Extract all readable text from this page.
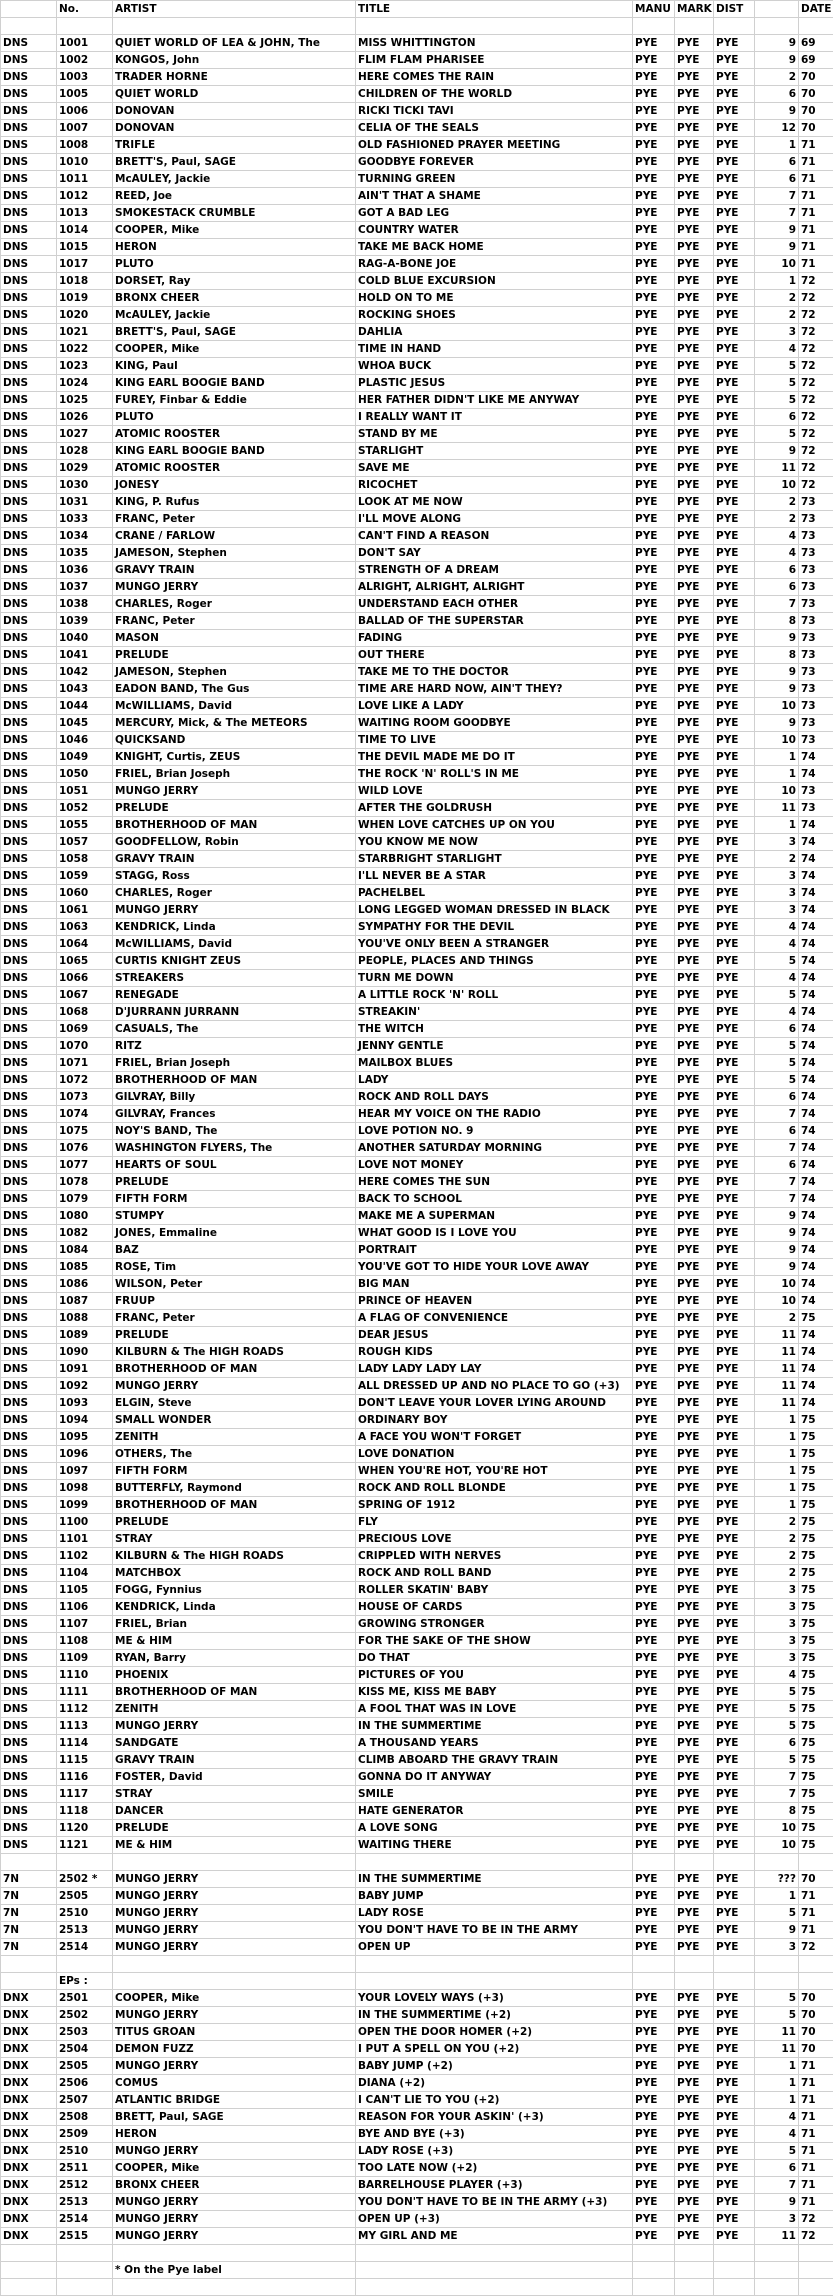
	No.	ARTIST	TITLE	MANU	MARK	DIST		DATE

DNS	1001	QUIET WORLD OF LEA & JOHN, The	MISS WHITTINGTON	PYE	PYE	PYE	9	69
DNS	1002	KONGOS, John	FLIM FLAM PHARISEE	PYE	PYE	PYE	9	69
DNS	1003	TRADER HORNE	HERE COMES THE RAIN	PYE	PYE	PYE	2	70
DNS	1005	QUIET WORLD	CHILDREN OF THE WORLD	PYE	PYE	PYE	6	70
DNS	1006	DONOVAN	RICKI TICKI TAVI	PYE	PYE	PYE	9	70
DNS	1007	DONOVAN	CELIA OF THE SEALS	PYE	PYE	PYE	12	70
DNS	1008	TRIFLE	OLD FASHIONED PRAYER MEETING	PYE	PYE	PYE	1	71
DNS	1010	BRETT'S, Paul, SAGE	GOODBYE FOREVER	PYE	PYE	PYE	6	71
DNS	1011	McAULEY, Jackie	TURNING GREEN	PYE	PYE	PYE	6	71
DNS	1012	REED, Joe	AIN'T THAT A SHAME	PYE	PYE	PYE	7	71
DNS	1013	SMOKESTACK CRUMBLE	GOT A BAD LEG	PYE	PYE	PYE	7	71
DNS	1014	COOPER, Mike	COUNTRY WATER	PYE	PYE	PYE	9	71
DNS	1015	HERON	TAKE ME BACK HOME	PYE	PYE	PYE	9	71
DNS	1017	PLUTO	RAG-A-BONE JOE	PYE	PYE	PYE	10	71
DNS	1018	DORSET, Ray	COLD BLUE EXCURSION	PYE	PYE	PYE	1	72
DNS	1019	BRONX CHEER	HOLD ON TO ME	PYE	PYE	PYE	2	72
DNS	1020	McAULEY, Jackie	ROCKING SHOES	PYE	PYE	PYE	2	72
DNS	1021	BRETT'S, Paul, SAGE	DAHLIA	PYE	PYE	PYE	3	72
DNS	1022	COOPER, Mike	TIME IN HAND	PYE	PYE	PYE	4	72
DNS	1023	KING, Paul	WHOA BUCK	PYE	PYE	PYE	5	72
DNS	1024	KING EARL BOOGIE BAND	PLASTIC JESUS	PYE	PYE	PYE	5	72
DNS	1025	FUREY, Finbar & Eddie	HER FATHER DIDN'T LIKE ME ANYWAY	PYE	PYE	PYE	5	72
DNS	1026	PLUTO	I REALLY WANT IT	PYE	PYE	PYE	6	72
DNS	1027	ATOMIC ROOSTER	STAND BY ME	PYE	PYE	PYE	5	72
DNS	1028	KING EARL BOOGIE BAND	STARLIGHT	PYE	PYE	PYE	9	72
DNS	1029	ATOMIC ROOSTER	SAVE ME	PYE	PYE	PYE	11	72
DNS	1030	JONESY	RICOCHET	PYE	PYE	PYE	10	72
DNS	1031	KING, P. Rufus	LOOK AT ME NOW	PYE	PYE	PYE	2	73
DNS	1033	FRANC, Peter	I'LL MOVE ALONG	PYE	PYE	PYE	2	73
DNS	1034	CRANE / FARLOW	CAN'T FIND A REASON	PYE	PYE	PYE	4	73
DNS	1035	JAMESON, Stephen	DON'T SAY	PYE	PYE	PYE	4	73
DNS	1036	GRAVY TRAIN	STRENGTH OF A DREAM	PYE	PYE	PYE	6	73
DNS	1037	MUNGO JERRY	ALRIGHT, ALRIGHT, ALRIGHT	PYE	PYE	PYE	6	73
DNS	1038	CHARLES, Roger	UNDERSTAND EACH OTHER	PYE	PYE	PYE	7	73
DNS	1039	FRANC, Peter	BALLAD OF THE SUPERSTAR	PYE	PYE	PYE	8	73
DNS	1040	MASON	FADING	PYE	PYE	PYE	9	73
DNS	1041	PRELUDE	OUT THERE	PYE	PYE	PYE	8	73
DNS	1042	JAMESON, Stephen	TAKE ME TO THE DOCTOR	PYE	PYE	PYE	9	73
DNS	1043	EADON BAND, The Gus	TIME ARE HARD NOW, AIN'T THEY?	PYE	PYE	PYE	9	73
DNS	1044	McWILLIAMS, David	LOVE LIKE A LADY	PYE	PYE	PYE	10	73
DNS	1045	MERCURY, Mick, & The METEORS	WAITING ROOM GOODBYE	PYE	PYE	PYE	9	73
DNS	1046	QUICKSAND	TIME TO LIVE	PYE	PYE	PYE	10	73
DNS	1049	KNIGHT, Curtis, ZEUS	THE DEVIL MADE ME DO IT	PYE	PYE	PYE	1	74
DNS	1050	FRIEL, Brian Joseph	THE ROCK 'N' ROLL'S IN ME	PYE	PYE	PYE	1	74
DNS	1051	MUNGO JERRY	WILD LOVE	PYE	PYE	PYE	10	73
DNS	1052	PRELUDE	AFTER THE GOLDRUSH	PYE	PYE	PYE	11	73
DNS	1055	BROTHERHOOD OF MAN	WHEN LOVE CATCHES UP ON YOU	PYE	PYE	PYE	1	74
DNS	1057	GOODFELLOW, Robin	YOU KNOW ME NOW	PYE	PYE	PYE	3	74
DNS	1058	GRAVY TRAIN	STARBRIGHT STARLIGHT	PYE	PYE	PYE	2	74
DNS	1059	STAGG, Ross	I'LL NEVER BE A STAR	PYE	PYE	PYE	3	74
DNS	1060	CHARLES, Roger	PACHELBEL	PYE	PYE	PYE	3	74
DNS	1061	MUNGO JERRY	LONG LEGGED WOMAN DRESSED IN BLACK	PYE	PYE	PYE	3	74
DNS	1063	KENDRICK, Linda	SYMPATHY FOR THE DEVIL	PYE	PYE	PYE	4	74
DNS	1064	McWILLIAMS, David	YOU'VE ONLY BEEN A STRANGER	PYE	PYE	PYE	4	74
DNS	1065	CURTIS KNIGHT ZEUS	PEOPLE, PLACES AND THINGS	PYE	PYE	PYE	5	74
DNS	1066	STREAKERS	TURN ME DOWN	PYE	PYE	PYE	4	74
DNS	1067	RENEGADE	A LITTLE ROCK 'N' ROLL	PYE	PYE	PYE	5	74
DNS	1068	D'JURRANN JURRANN	STREAKIN'	PYE	PYE	PYE	4	74
DNS	1069	CASUALS, The	THE WITCH	PYE	PYE	PYE	6	74
DNS	1070	RITZ	JENNY GENTLE	PYE	PYE	PYE	5	74
DNS	1071	FRIEL, Brian Joseph	MAILBOX BLUES	PYE	PYE	PYE	5	74
DNS	1072	BROTHERHOOD OF MAN	LADY	PYE	PYE	PYE	5	74
DNS	1073	GILVRAY, Billy	ROCK AND ROLL DAYS	PYE	PYE	PYE	6	74
DNS	1074	GILVRAY, Frances	HEAR MY VOICE ON THE RADIO	PYE	PYE	PYE	7	74
DNS	1075	NOY'S BAND, The	LOVE POTION NO. 9	PYE	PYE	PYE	6	74
DNS	1076	WASHINGTON FLYERS, The	ANOTHER SATURDAY MORNING	PYE	PYE	PYE	7	74
DNS	1077	HEARTS OF SOUL	LOVE NOT MONEY	PYE	PYE	PYE	6	74
DNS	1078	PRELUDE	HERE COMES THE SUN	PYE	PYE	PYE	7	74
DNS	1079	FIFTH FORM	BACK TO SCHOOL	PYE	PYE	PYE	7	74
DNS	1080	STUMPY	MAKE ME A SUPERMAN	PYE	PYE	PYE	9	74
DNS	1082	JONES, Emmaline	WHAT GOOD IS I LOVE YOU	PYE	PYE	PYE	9	74
DNS	1084	BAZ	PORTRAIT	PYE	PYE	PYE	9	74
DNS	1085	ROSE, Tim	YOU'VE GOT TO HIDE YOUR LOVE AWAY	PYE	PYE	PYE	9	74
DNS	1086	WILSON, Peter	BIG MAN	PYE	PYE	PYE	10	74
DNS	1087	FRUUP	PRINCE OF HEAVEN	PYE	PYE	PYE	10	74
DNS	1088	FRANC, Peter	A FLAG OF CONVENIENCE	PYE	PYE	PYE	2	75
DNS	1089	PRELUDE	DEAR JESUS	PYE	PYE	PYE	11	74
DNS	1090	KILBURN & The HIGH ROADS	ROUGH KIDS	PYE	PYE	PYE	11	74
DNS	1091	BROTHERHOOD OF MAN	LADY LADY LADY LAY	PYE	PYE	PYE	11	74
DNS	1092	MUNGO JERRY	ALL DRESSED UP AND NO PLACE TO GO (+3)	PYE	PYE	PYE	11	74
DNS	1093	ELGIN, Steve	DON'T LEAVE YOUR LOVER LYING AROUND	PYE	PYE	PYE	11	74
DNS	1094	SMALL WONDER	ORDINARY BOY	PYE	PYE	PYE	1	75
DNS	1095	ZENITH	A FACE YOU WON'T FORGET	PYE	PYE	PYE	1	75
DNS	1096	OTHERS, The	LOVE DONATION	PYE	PYE	PYE	1	75
DNS	1097	FIFTH FORM	WHEN YOU'RE HOT, YOU'RE HOT	PYE	PYE	PYE	1	75
DNS	1098	BUTTERFLY, Raymond	ROCK AND ROLL BLONDE	PYE	PYE	PYE	1	75
DNS	1099	BROTHERHOOD OF MAN	SPRING OF 1912	PYE	PYE	PYE	1	75
DNS	1100	PRELUDE	FLY	PYE	PYE	PYE	2	75
DNS	1101	STRAY	PRECIOUS LOVE	PYE	PYE	PYE	2	75
DNS	1102	KILBURN & The HIGH ROADS	CRIPPLED WITH NERVES	PYE	PYE	PYE	2	75
DNS	1104	MATCHBOX	ROCK AND ROLL BAND	PYE	PYE	PYE	2	75
DNS	1105	FOGG, Fynnius	ROLLER SKATIN' BABY	PYE	PYE	PYE	3	75
DNS	1106	KENDRICK, Linda	HOUSE OF CARDS	PYE	PYE	PYE	3	75
DNS	1107	FRIEL, Brian	GROWING STRONGER	PYE	PYE	PYE	3	75
DNS	1108	ME & HIM	FOR THE SAKE OF THE SHOW	PYE	PYE	PYE	3	75
DNS	1109	RYAN, Barry	DO THAT	PYE	PYE	PYE	3	75
DNS	1110	PHOENIX	PICTURES OF YOU	PYE	PYE	PYE	4	75
DNS	1111	BROTHERHOOD OF MAN	KISS ME, KISS ME BABY	PYE	PYE	PYE	5	75
DNS	1112	ZENITH	A FOOL THAT WAS IN LOVE	PYE	PYE	PYE	5	75
DNS	1113	MUNGO JERRY	IN THE SUMMERTIME	PYE	PYE	PYE	5	75
DNS	1114	SANDGATE	A THOUSAND YEARS	PYE	PYE	PYE	6	75
DNS	1115	GRAVY TRAIN	CLIMB ABOARD THE GRAVY TRAIN	PYE	PYE	PYE	5	75
DNS	1116	FOSTER, David	GONNA DO IT ANYWAY	PYE	PYE	PYE	7	75
DNS	1117	STRAY	SMILE	PYE	PYE	PYE	7	75
DNS	1118	DANCER	HATE GENERATOR	PYE	PYE	PYE	8	75
DNS	1120	PRELUDE	A LOVE SONG	PYE	PYE	PYE	10	75
DNS	1121	ME & HIM	WAITING THERE	PYE	PYE	PYE	10	75

7N	2502 *	MUNGO JERRY	IN THE SUMMERTIME	PYE	PYE	PYE	???	70
7N	2505	MUNGO JERRY	BABY JUMP	PYE	PYE	PYE	1	71
7N	2510	MUNGO JERRY	LADY ROSE	PYE	PYE	PYE	5	71
7N	2513	MUNGO JERRY	YOU DON'T HAVE TO BE IN THE ARMY	PYE	PYE	PYE	9	71
7N	2514	MUNGO JERRY	OPEN UP	PYE	PYE	PYE	3	72

	EPs :							
DNX	2501	COOPER, Mike	YOUR LOVELY WAYS (+3)	PYE	PYE	PYE	5	70
DNX	2502	MUNGO JERRY	IN THE SUMMERTIME (+2)	PYE	PYE	PYE	5	70
DNX	2503	TITUS GROAN	OPEN THE DOOR HOMER (+2)	PYE	PYE	PYE	11	70
DNX	2504	DEMON FUZZ	I PUT A SPELL ON YOU (+2)	PYE	PYE	PYE	11	70
DNX	2505	MUNGO JERRY	BABY JUMP (+2)	PYE	PYE	PYE	1	71
DNX	2506	COMUS	DIANA (+2)	PYE	PYE	PYE	1	71
DNX	2507	ATLANTIC BRIDGE	I CAN'T LIE TO YOU (+2)	PYE	PYE	PYE	1	71
DNX	2508	BRETT, Paul, SAGE	REASON FOR YOUR ASKIN' (+3)	PYE	PYE	PYE	4	71
DNX	2509	HERON	BYE AND BYE (+3)	PYE	PYE	PYE	4	71
DNX	2510	MUNGO JERRY	LADY ROSE (+3)	PYE	PYE	PYE	5	71
DNX	2511	COOPER, Mike	TOO LATE NOW (+2)	PYE	PYE	PYE	6	71
DNX	2512	BRONX CHEER	BARRELHOUSE PLAYER (+3)	PYE	PYE	PYE	7	71
DNX	2513	MUNGO JERRY	YOU DON'T HAVE TO BE IN THE ARMY (+3)	PYE	PYE	PYE	9	71
DNX	2514	MUNGO JERRY	OPEN UP (+3)	PYE	PYE	PYE	3	72
DNX	2515	MUNGO JERRY	MY GIRL AND ME	PYE	PYE	PYE	11	72

		* On the Pye label						
